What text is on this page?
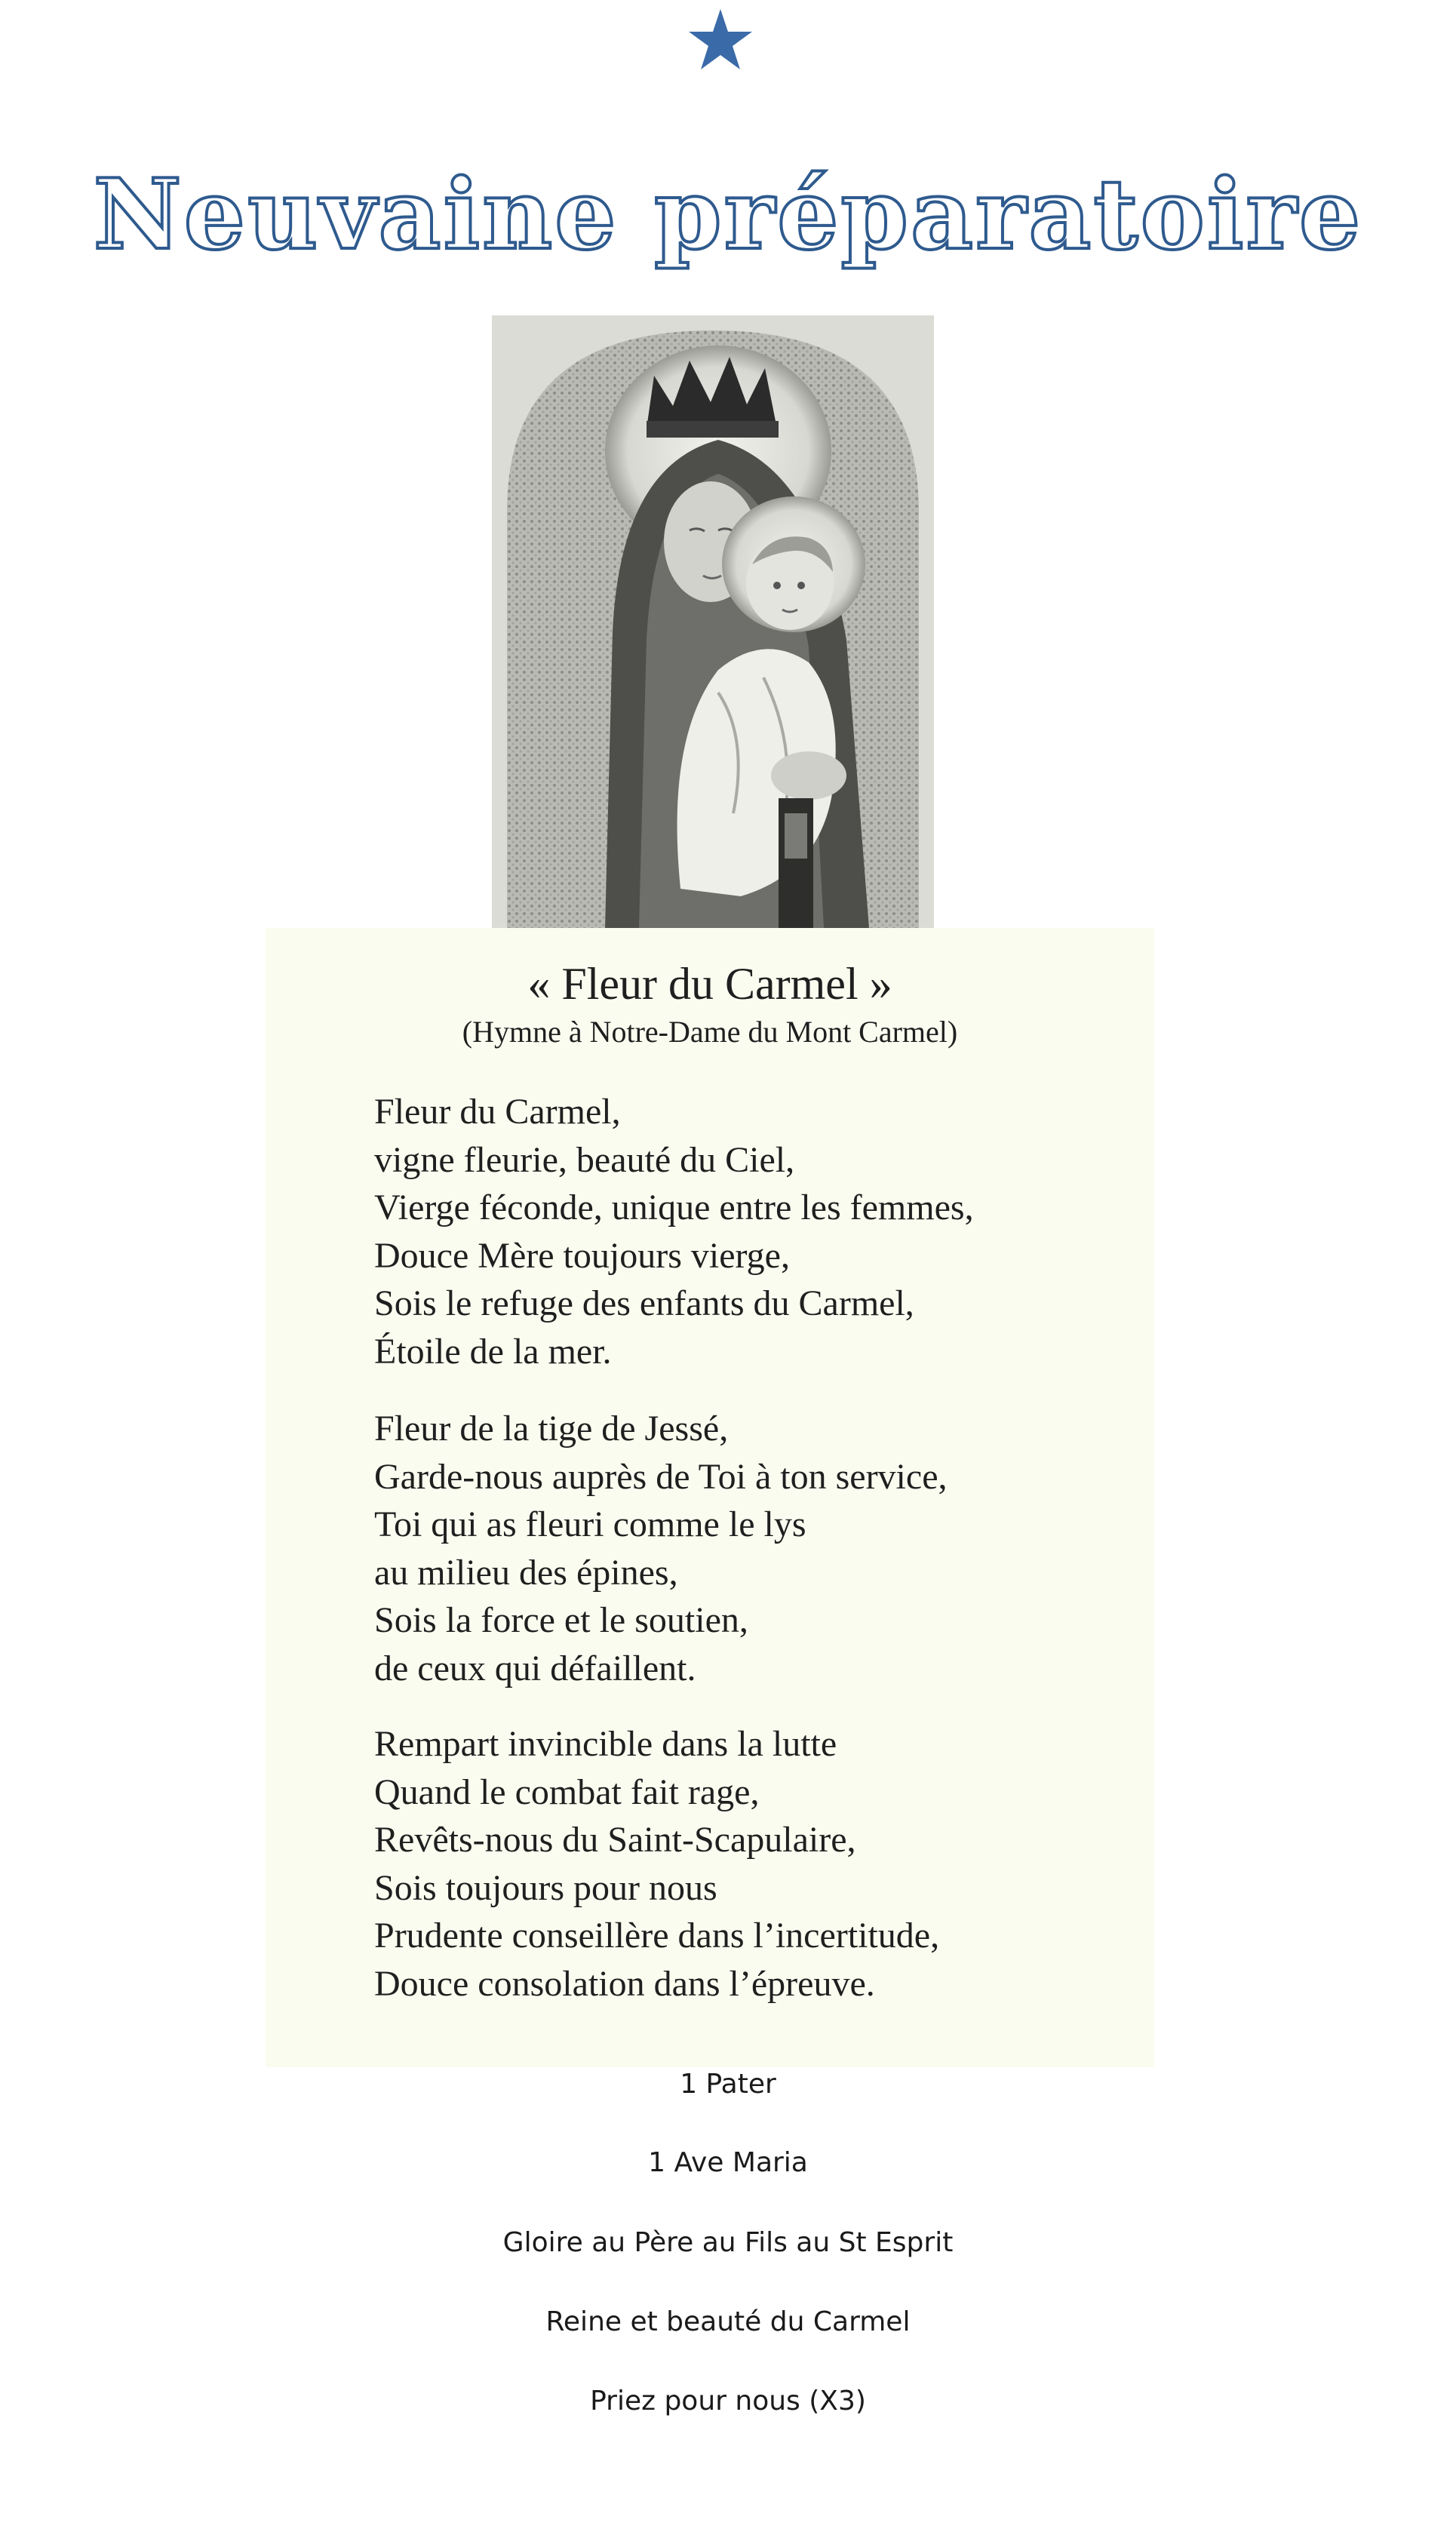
Neuvaine préparatoire
« Fleur du Carmel »
(Hymne à Notre-Dame du Mont Carmel)
Fleur du Carmel,
vigne fleurie, beauté du Ciel,
Vierge féconde, unique entre les femmes,
Douce Mère toujours vierge,
Sois le refuge des enfants du Carmel,
Étoile de la mer.
Fleur de la tige de Jessé,
Garde-nous auprès de Toi à ton service,
Toi qui as fleuri comme le lys
au milieu des épines,
Sois la force et le soutien,
de ceux qui défaillent.
Rempart invincible dans la lutte
Quand le combat fait rage,
Revêts-nous du Saint-Scapulaire,
Sois toujours pour nous
Prudente conseillère dans l’incertitude,
Douce consolation dans l’épreuve.
1 Pater
1 Ave Maria
Gloire au Père au Fils au St Esprit
Reine et beauté du Carmel
Priez pour nous (X3)
